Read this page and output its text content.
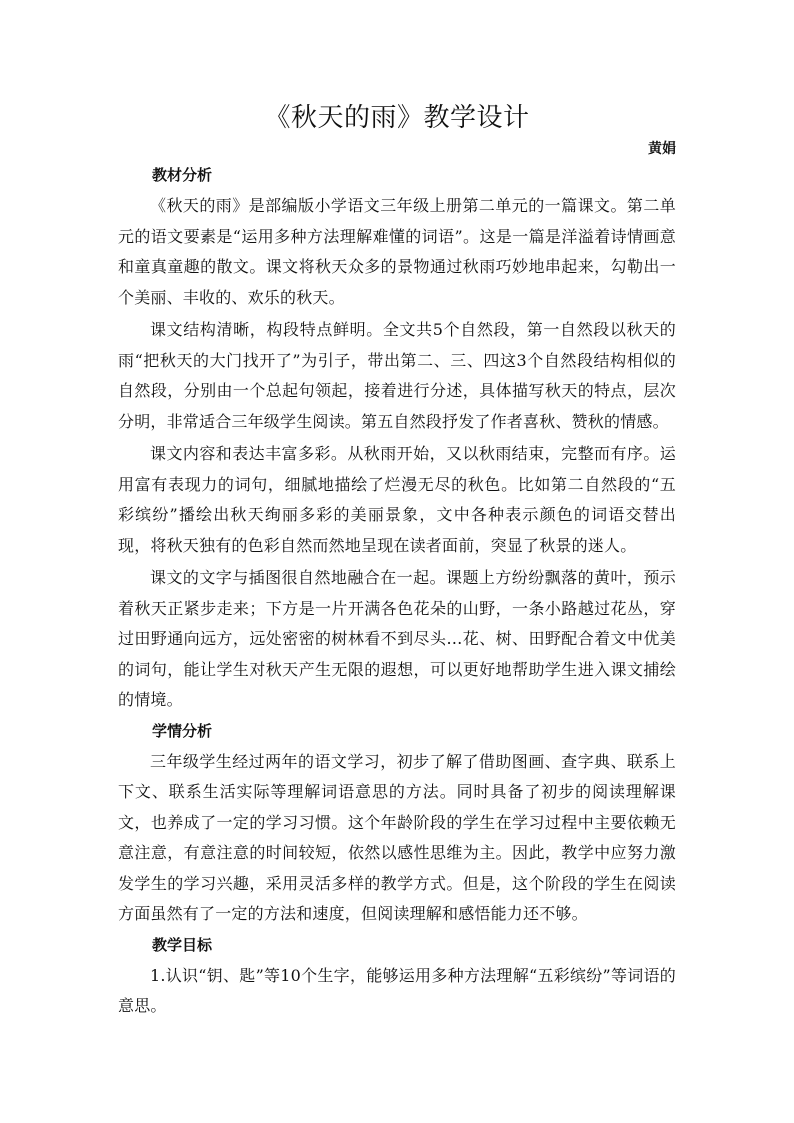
《秋天的雨》教学设计
黄娟
教材分析

《秋天的雨》是部编版小学语文三年级上册第二单元的一篇课文。第二单元的语文要素是“运用多种方法理解难懂的词语”。这是一篇是洋溢着诗情画意和童真童趣的散文。课文将秋天众多的景物通过秋雨巧妙地串起来，勾勒出一个美丽、丰收的、欢乐的秋天。

课文结构清晰，构段特点鲜明。全文共5个自然段，第一自然段以秋天的雨“把秋天的大门找开了”为引子，带出第二、三、四这3个自然段结构相似的自然段，分别由一个总起句领起，接着进行分述，具体描写秋天的特点，层次分明，非常适合三年级学生阅读。第五自然段抒发了作者喜秋、赞秋的情感。

课文内容和表达丰富多彩。从秋雨开始，又以秋雨结束，完整而有序。运用富有表现力的词句，细腻地描绘了烂漫无尽的秋色。比如第二自然段的“五彩缤纷”播绘出秋天绚丽多彩的美丽景象，文中各种表示颜色的词语交替出现，将秋天独有的色彩自然而然地呈现在读者面前，突显了秋景的迷人。

课文的文字与插图很自然地融合在一起。课题上方纷纷飘落的黄叶，预示着秋天正紧步走来；下方是一片开满各色花朵的山野，一条小路越过花丛，穿过田野通向远方，远处密密的树林看不到尽头…花、树、田野配合着文中优美的词句，能让学生对秋天产生无限的遐想，可以更好地帮助学生进入课文捕绘的情境。

学情分析

三年级学生经过两年的语文学习，初步了解了借助图画、查字典、联系上下文、联系生活实际等理解词语意思的方法。同时具备了初步的阅读理解课文，也养成了一定的学习习惯。这个年龄阶段的学生在学习过程中主要依赖无意注意，有意注意的时间较短，依然以感性思维为主。因此，教学中应努力激发学生的学习兴趣，采用灵活多样的教学方式。但是，这个阶段的学生在阅读方面虽然有了一定的方法和速度，但阅读理解和感悟能力还不够。

教学目标

1.认识“钥、匙”等10个生字，能够运用多种方法理解“五彩缤纷”等词语的意思。
